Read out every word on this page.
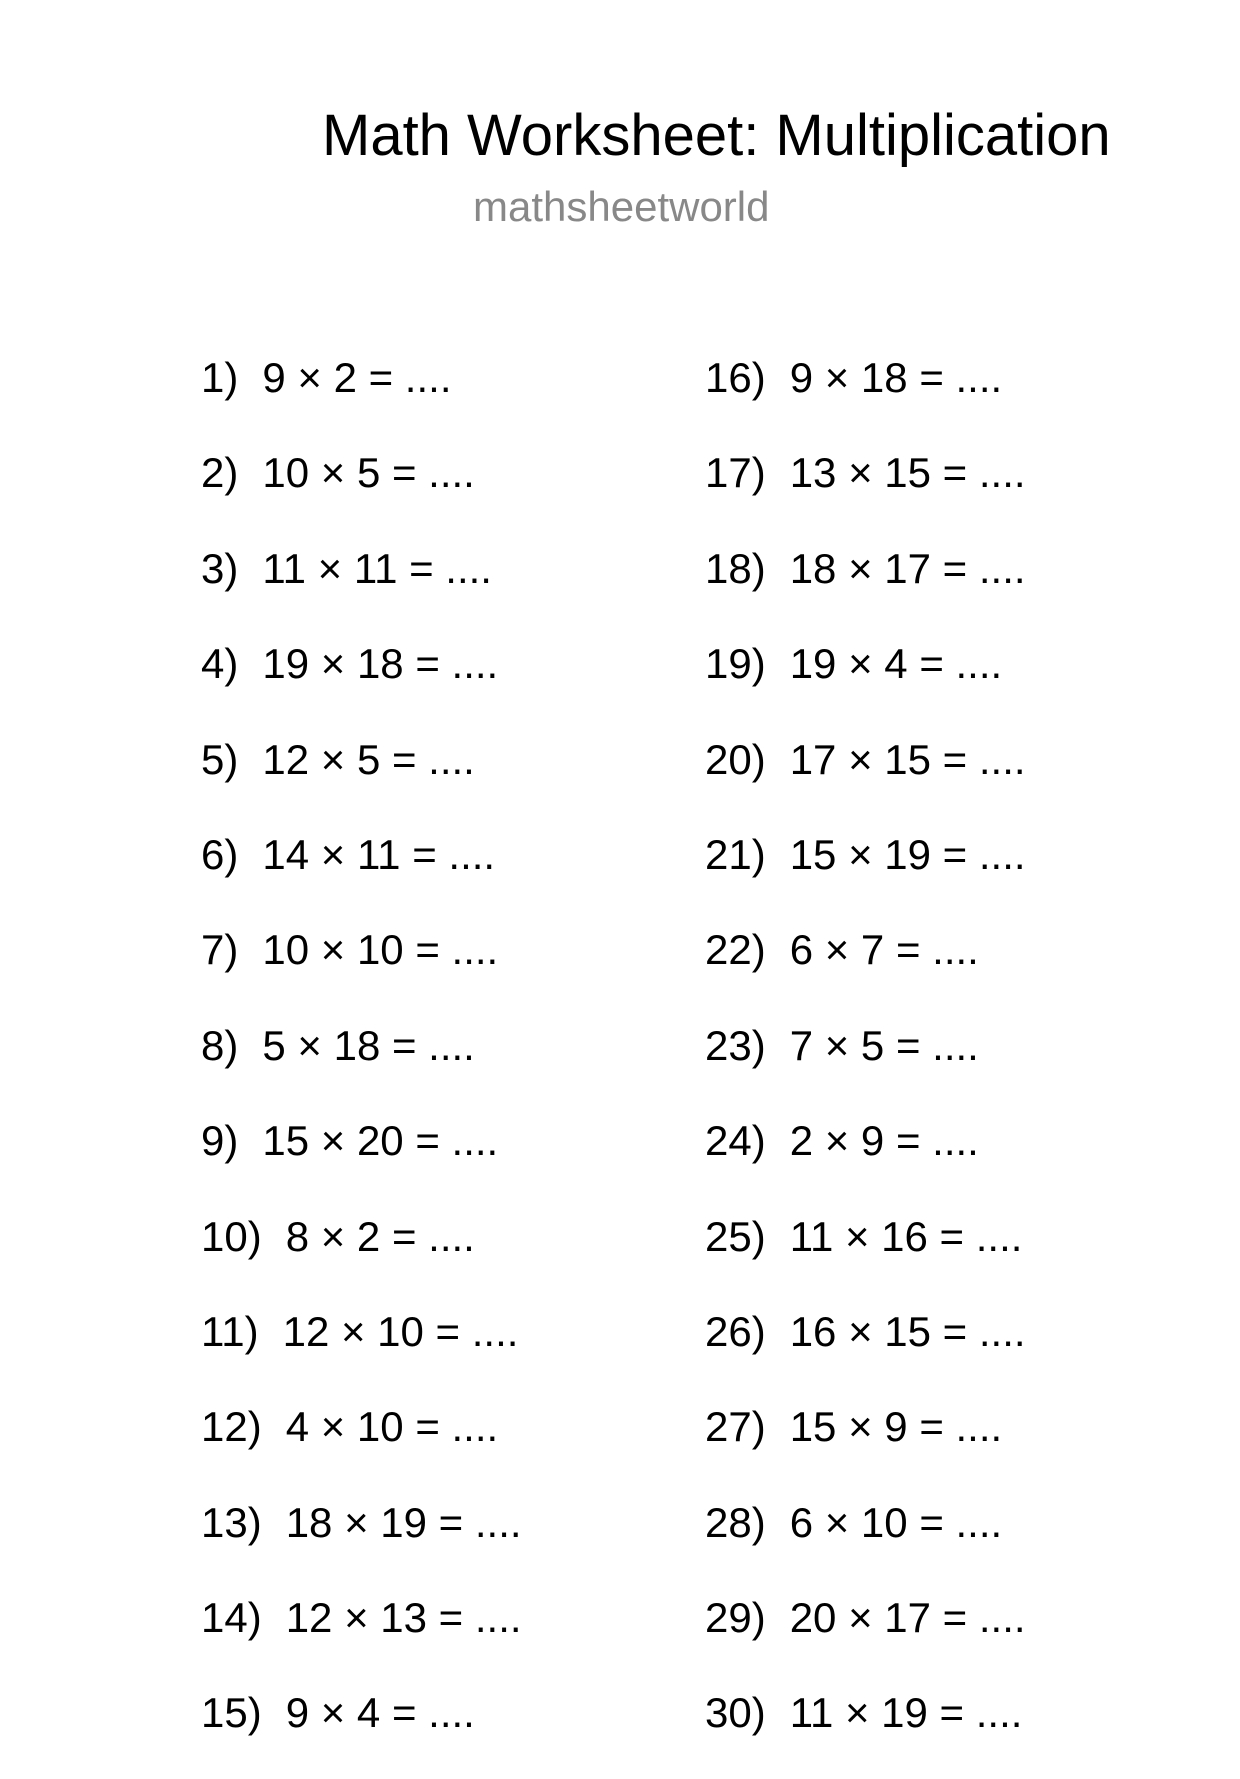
Math Worksheet: Multiplication
mathsheetworld
1) 9 × 2 = ....
2) 10 × 5 = ....
3) 11 × 11 = ....
4) 19 × 18 = ....
5) 12 × 5 = ....
6) 14 × 11 = ....
7) 10 × 10 = ....
8) 5 × 18 = ....
9) 15 × 20 = ....
10) 8 × 2 = ....
11) 12 × 10 = ....
12) 4 × 10 = ....
13) 18 × 19 = ....
14) 12 × 13 = ....
15) 9 × 4 = ....
16) 9 × 18 = ....
17) 13 × 15 = ....
18) 18 × 17 = ....
19) 19 × 4 = ....
20) 17 × 15 = ....
21) 15 × 19 = ....
22) 6 × 7 = ....
23) 7 × 5 = ....
24) 2 × 9 = ....
25) 11 × 16 = ....
26) 16 × 15 = ....
27) 15 × 9 = ....
28) 6 × 10 = ....
29) 20 × 17 = ....
30) 11 × 19 = ....
